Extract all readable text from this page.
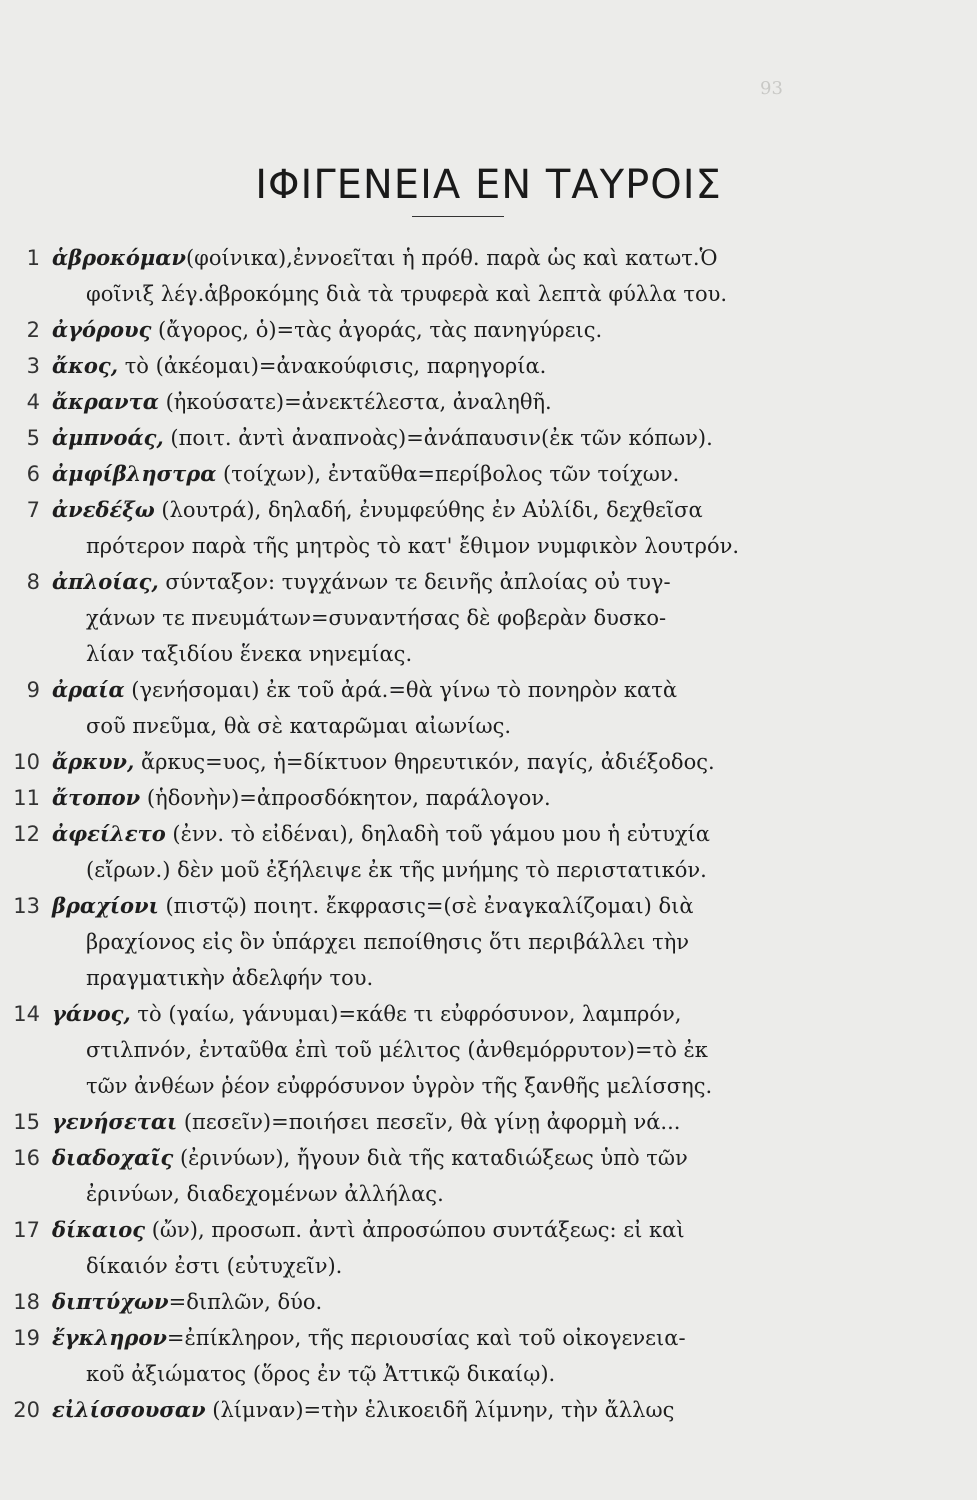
93
ΙΦΙΓΕΝΕΙΑ ΕΝ ΤΑΥΡΟΙΣ
1 ἁβροκόμαν(φοίνικα),ἐννοεῖται ἡ πρόθ. παρὰ ὡς καὶ κατωτ.Ὁ
φοῖνιξ λέγ.ἁβροκόμης διὰ τὰ τρυφερὰ καὶ λεπτὰ φύλλα του.
2 ἀγόρους (ἄγορος, ὁ)=τὰς ἀγοράς, τὰς πανηγύρεις.
3 ἄκος, τὸ (ἀκέομαι)=ἀνακούφισις, παρηγορία.
4 ἄκραντα (ἠκούσατε)=ἀνεκτέλεστα, ἀναληθῆ.
5 ἀμπνοάς, (ποιτ. ἀντὶ ἀναπνοὰς)=ἀνάπαυσιν(ἐκ τῶν κόπων).
6 ἀμφίβληστρα (τοίχων), ἐνταῦθα=περίβολος τῶν τοίχων.
7 ἀνεδέξω (λουτρά), δηλαδή, ἐνυμφεύθης ἐν Αὐλίδι, δεχθεῖσα
πρότερον παρὰ τῆς μητρὸς τὸ κατ' ἔθιμον νυμφικὸν λουτρόν.
8 ἀπλοίας, σύνταξον: τυγχάνων τε δεινῆς ἀπλοίας οὐ τυγ-
χάνων τε πνευμάτων=συναντήσας δὲ φοβερὰν δυσκο-
λίαν ταξιδίου ἕνεκα νηνεμίας.
9 ἀραία (γενήσομαι) ἐκ τοῦ ἀρά.=θὰ γίνω τὸ πονηρὸν κατὰ
σοῦ πνεῦμα, θὰ σὲ καταρῶμαι αἰωνίως.
10 ἄρκυν, ἄρκυς=υος, ἡ=δίκτυον θηρευτικόν, παγίς, ἀδιέξοδος.
11 ἄτοπον (ἡδονὴν)=ἀπροσδόκητον, παράλογον.
12 ἀφείλετο (ἐνν. τὸ εἰδέναι), δηλαδὴ τοῦ γάμου μου ἡ εὐτυχία
(εἴρων.) δὲν μοῦ ἐξήλειψε ἐκ τῆς μνήμης τὸ περιστατικόν.
13 βραχίονι (πιστῷ) ποιητ. ἔκφρασις=(σὲ ἐναγκαλίζομαι) διὰ
βραχίονος εἰς ὃν ὑπάρχει πεποίθησις ὅτι περιβάλλει τὴν
πραγματικὴν ἀδελφήν του.
14 γάνος, τὸ (γαίω, γάνυμαι)=κάθε τι εὐφρόσυνον, λαμπρόν,
στιλπνόν, ἐνταῦθα ἐπὶ τοῦ μέλιτος (ἀνθεμόρρυτον)=τὸ ἐκ
τῶν ἀνθέων ῥέον εὐφρόσυνον ὑγρὸν τῆς ξανθῆς μελίσσης.
15 γενήσεται (πεσεῖν)=ποιήσει πεσεῖν, θὰ γίνῃ ἀφορμὴ νά...
16 διαδοχαῖς (ἐρινύων), ἤγουν διὰ τῆς καταδιώξεως ὑπὸ τῶν
ἐρινύων, διαδεχομένων ἀλλήλας.
17 δίκαιος (ὤν), προσωπ. ἀντὶ ἀπροσώπου συντάξεως: εἰ καὶ
δίκαιόν ἐστι (εὐτυχεῖν).
18 διπτύχων=διπλῶν, δύο.
19 ἔγκληρον=ἐπίκληρον, τῆς περιουσίας καὶ τοῦ οἰκογενεια-
κοῦ ἀξιώματος (ὅρος ἐν τῷ Ἀττικῷ δικαίῳ).
20 εἰλίσσουσαν (λίμναν)=τὴν ἑλικοειδῆ λίμνην, τὴν ἄλλως
